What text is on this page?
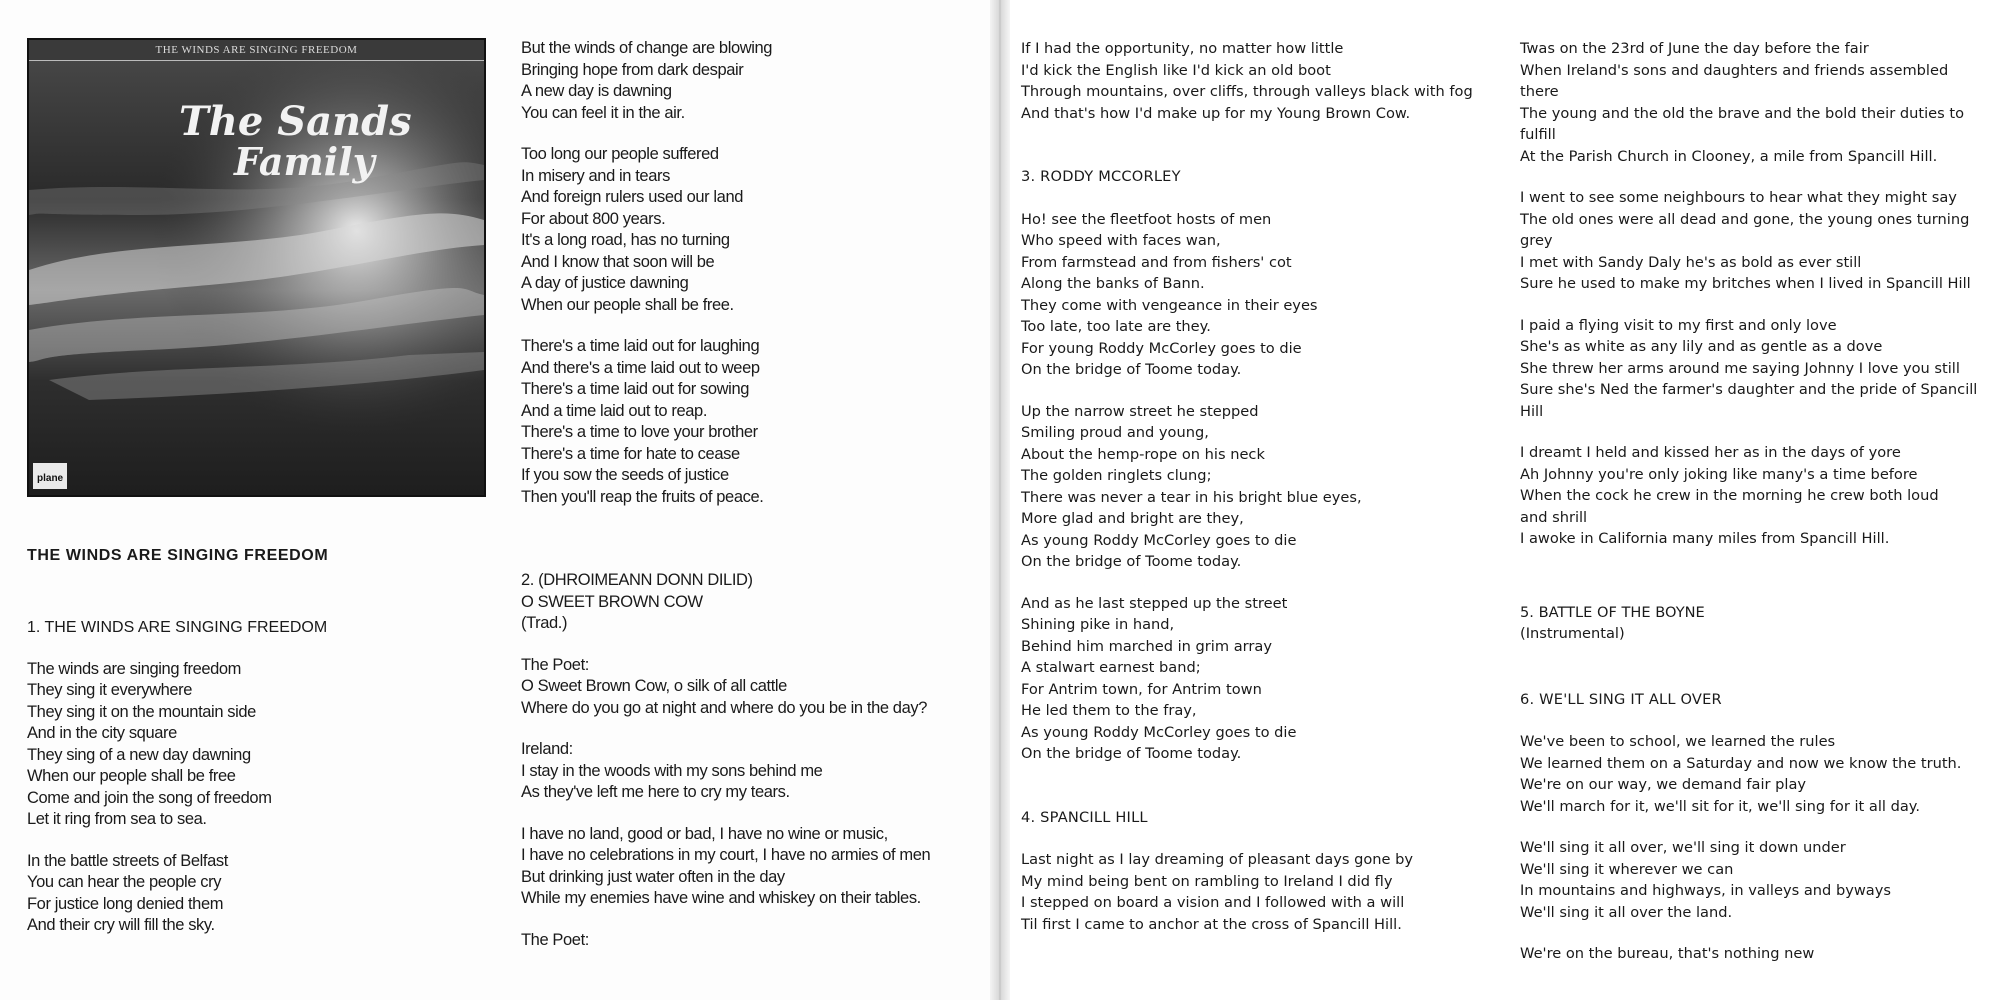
The Sands
Family
plane
THE WINDS ARE SINGING FREEDOM
THE WINDS ARE SINGING FREEDOM
1. THE WINDS ARE SINGING FREEDOM
The winds are singing freedom
They sing it everywhere
They sing it on the mountain side
And in the city square
They sing of a new day dawning
When our people shall be free
Come and join the song of freedom
Let it ring from sea to sea.
In the battle streets of Belfast
You can hear the people cry
For justice long denied them
And their cry will fill the sky.
But the winds of change are blowing
Bringing hope from dark despair
A new day is dawning
You can feel it in the air.
Too long our people suffered
In misery and in tears
And foreign rulers used our land
For about 800 years.
It's a long road, has no turning
And I know that soon will be
A day of justice dawning
When our people shall be free.
There's a time laid out for laughing
And there's a time laid out to weep
There's a time laid out for sowing
And a time laid out to reap.
There's a time to love your brother
There's a time for hate to cease
If you sow the seeds of justice
Then you'll reap the fruits of peace.
2. (DHROIMEANN DONN DILID)
O SWEET BROWN COW
(Trad.)
The Poet:
O Sweet Brown Cow, o silk of all cattle
Where do you go at night and where do you be in the day?
Ireland:
I stay in the woods with my sons behind me
As they've left me here to cry my tears.
I have no land, good or bad, I have no wine or music,
I have no celebrations in my court, I have no armies of men
But drinking just water often in the day
While my enemies have wine and whiskey on their tables.
The Poet:
If I had the opportunity, no matter how little
I'd kick the English like I'd kick an old boot
Through mountains, over cliffs, through valleys black with fog
And that's how I'd make up for my Young Brown Cow.
3. RODDY MCCORLEY
Ho! see the fleetfoot hosts of men
Who speed with faces wan,
From farmstead and from fishers' cot
Along the banks of Bann.
They come with vengeance in their eyes
Too late, too late are they.
For young Roddy McCorley goes to die
On the bridge of Toome today.
Up the narrow street he stepped
Smiling proud and young,
About the hemp-rope on his neck
The golden ringlets clung;
There was never a tear in his bright blue eyes,
More glad and bright are they,
As young Roddy McCorley goes to die
On the bridge of Toome today.
And as he last stepped up the street
Shining pike in hand,
Behind him marched in grim array
A stalwart earnest band;
For Antrim town, for Antrim town
He led them to the fray,
As young Roddy McCorley goes to die
On the bridge of Toome today.
4. SPANCILL HILL
Last night as I lay dreaming of pleasant days gone by
My mind being bent on rambling to Ireland I did fly
I stepped on board a vision and I followed with a will
Til first I came to anchor at the cross of Spancill Hill.
Twas on the 23rd of June the day before the fair
When Ireland's sons and daughters and friends assembled
there
The young and the old the brave and the bold their duties to
fulfill
At the Parish Church in Clooney, a mile from Spancill Hill.
I went to see some neighbours to hear what they might say
The old ones were all dead and gone, the young ones turning
grey
I met with Sandy Daly he's as bold as ever still
Sure he used to make my britches when I lived in Spancill Hill
I paid a flying visit to my first and only love
She's as white as any lily and as gentle as a dove
She threw her arms around me saying Johnny I love you still
Sure she's Ned the farmer's daughter and the pride of Spancill
Hill
I dreamt I held and kissed her as in the days of yore
Ah Johnny you're only joking like many's a time before
When the cock he crew in the morning he crew both loud
and shrill
I awoke in California many miles from Spancill Hill.
5. BATTLE OF THE BOYNE
(Instrumental)
6. WE'LL SING IT ALL OVER
We've been to school, we learned the rules
We learned them on a Saturday and now we know the truth.
We're on our way, we demand fair play
We'll march for it, we'll sit for it, we'll sing for it all day.
We'll sing it all over, we'll sing it down under
We'll sing it wherever we can
In mountains and highways, in valleys and byways
We'll sing it all over the land.
We're on the bureau, that's nothing new
